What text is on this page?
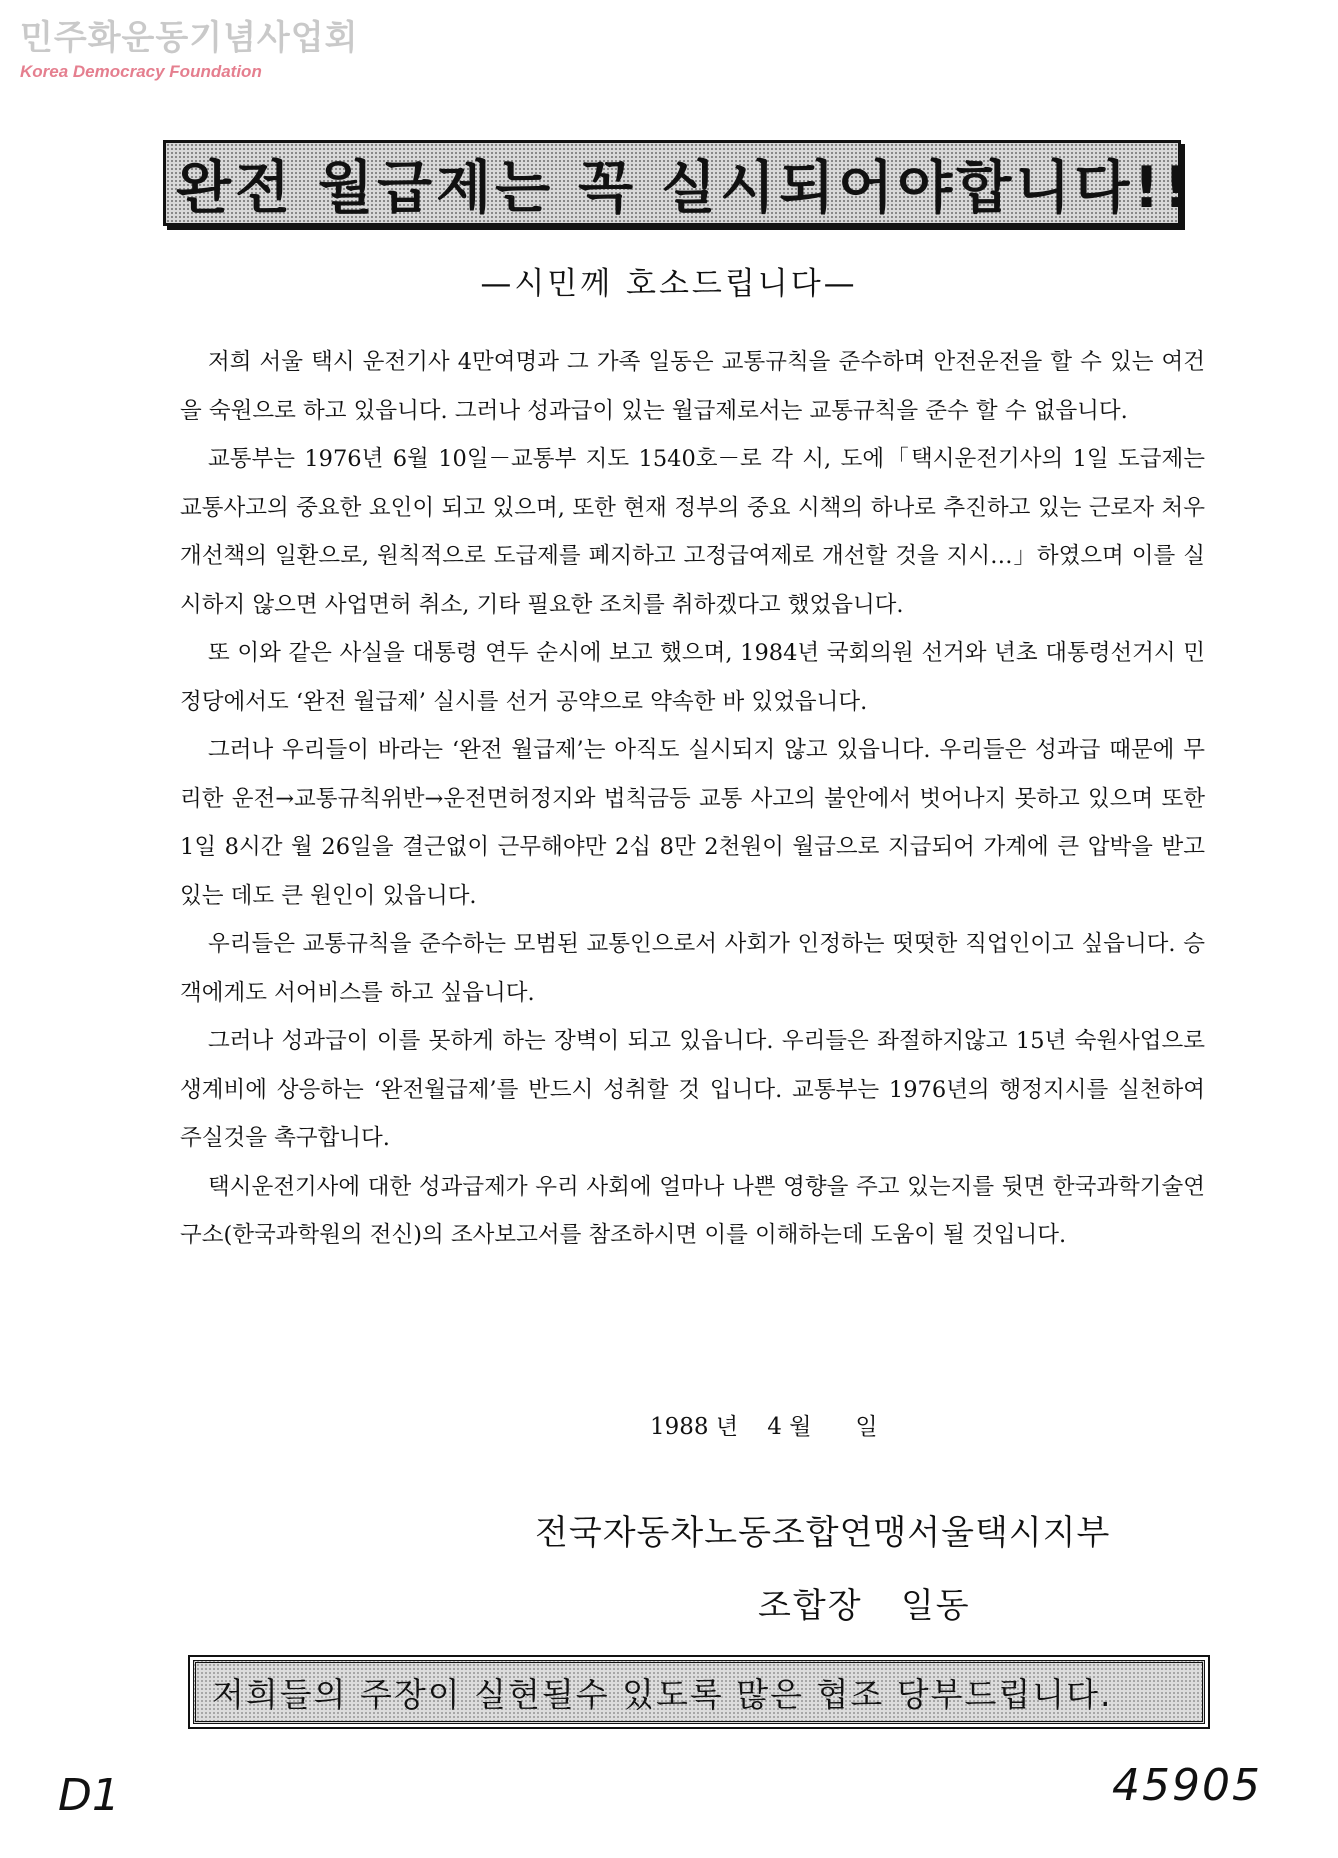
민주화운동기념사업회
Korea Democracy Foundation
완전 월급제는 꼭 실시되어야합니다!!
—시민께 호소드립니다—

저희 서울 택시 운전기사 4만여명과 그 가족 일동은 교통규칙을 준수하며 안전운전을 할 수 있는 여건을 숙원으로 하고 있읍니다. 그러나 성과급이 있는 월급제로서는 교통규칙을 준수 할 수 없읍니다.

교통부는 1976년 6월 10일－교통부 지도 1540호－로 각 시, 도에「택시운전기사의 1일 도급제는 교통사고의 중요한 요인이 되고 있으며, 또한 현재 정부의 중요 시책의 하나로 추진하고 있는 근로자 처우 개선책의 일환으로, 원칙적으로 도급제를 폐지하고 고정급여제로 개선할 것을 지시…」하였으며 이를 실시하지 않으면 사업면허 취소, 기타 필요한 조치를 취하겠다고 했었읍니다.

또 이와 같은 사실을 대통령 연두 순시에 보고 했으며, 1984년 국회의원 선거와 년초 대통령선거시 민정당에서도 ‘완전 월급제’ 실시를 선거 공약으로 약속한 바 있었읍니다.

그러나 우리들이 바라는 ‘완전 월급제’는 아직도 실시되지 않고 있읍니다. 우리들은 성과급 때문에 무리한 운전→교통규칙위반→운전면허정지와 법칙금등 교통 사고의 불안에서 벗어나지 못하고 있으며 또한 1일 8시간 월 26일을 결근없이 근무해야만 2십 8만 2천원이 월급으로 지급되어 가계에 큰 압박을 받고 있는 데도 큰 원인이 있읍니다.

우리들은 교통규칙을 준수하는 모범된 교통인으로서 사회가 인정하는 떳떳한 직업인이고 싶읍니다. 승객에게도 서어비스를 하고 싶읍니다.

그러나 성과급이 이를 못하게 하는 장벽이 되고 있읍니다. 우리들은 좌절하지않고 15년 숙원사업으로 생계비에 상응하는 ‘완전월급제’를 반드시 성취할 것 입니다. 교통부는 1976년의 행정지시를 실천하여 주실것을 촉구합니다.

택시운전기사에 대한 성과급제가 우리 사회에 얼마나 나쁜 영향을 주고 있는지를 뒷면 한국과학기술연구소(한국과학원의 전신)의 조사보고서를 참조하시면 이를 이해하는데 도움이 될 것입니다.

1988 년    4 월      일
전국자동차노동조합연맹서울택시지부
조합장   일동
저희들의 주장이 실현될수 있도록 많은 협조 당부드립니다.
D1	45905
